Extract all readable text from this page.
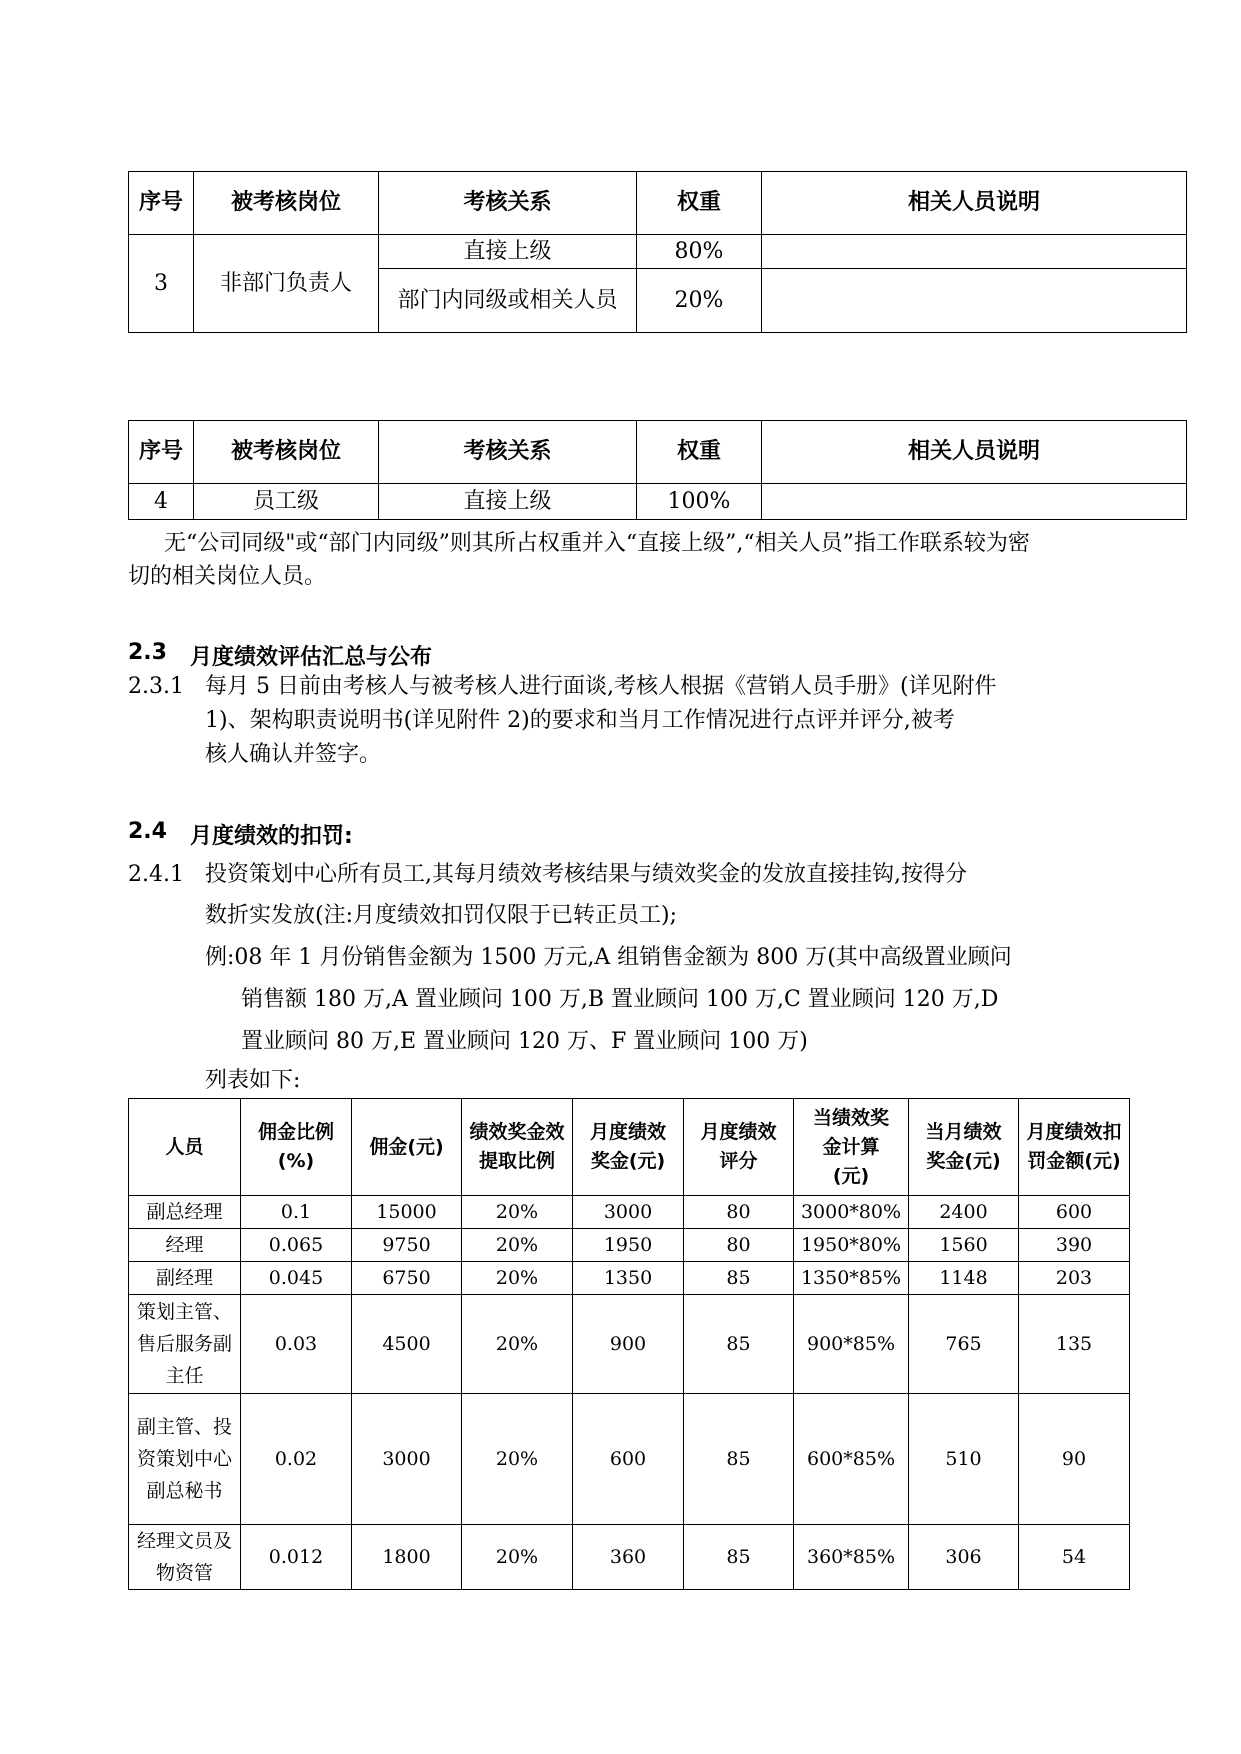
序号	被考核岗位	考核关系	权重	相关人员说明
3	非部门负责人	直接上级	80%	
		部门内同级或相关人员	20%	
序号	被考核岗位	考核关系	权重	相关人员说明
4	员工级	直接上级	100%	
无“公司同级"或“部门内同级”则其所占权重并入“直接上级”,“相关人员”指工作联系较为密
切的相关岗位人员。
2.3 月度绩效评估汇总与公布
2.3.1 每月 5 日前由考核人与被考核人进行面谈,考核人根据《营销人员手册》(详见附件
1)、架构职责说明书(详见附件 2)的要求和当月工作情况进行点评并评分,被考
核人确认并签字。
2.4 月度绩效的扣罚:
2.4.1 投资策划中心所有员工,其每月绩效考核结果与绩效奖金的发放直接挂钩,按得分
数折实发放(注:月度绩效扣罚仅限于已转正员工);
例:08 年 1 月份销售金额为 1500 万元,A 组销售金额为 800 万(其中高级置业顾问
销售额 180 万,A 置业顾问 100 万,B 置业顾问 100 万,C 置业顾问 120 万,D
置业顾问 80 万,E 置业顾问 120 万、F 置业顾问 100 万)
列表如下:
人员	佣金比例(%)	佣金(元)	绩效奖金效提取比例	月度绩效奖金(元)	月度绩效评分	当绩效奖金计算(元)	当月绩效奖金(元)	月度绩效扣罚金额(元)
副总经理	0.1	15000	20%	3000	80	3000*80%	2400	600
经理	0.065	9750	20%	1950	80	1950*80%	1560	390
副经理	0.045	6750	20%	1350	85	1350*85%	1148	203
策划主管、售后服务副主任	0.03	4500	20%	900	85	900*85%	765	135
副主管、投资策划中心副总秘书	0.02	3000	20%	600	85	600*85%	510	90
经理文员及物资管	0.012	1800	20%	360	85	360*85%	306	54
